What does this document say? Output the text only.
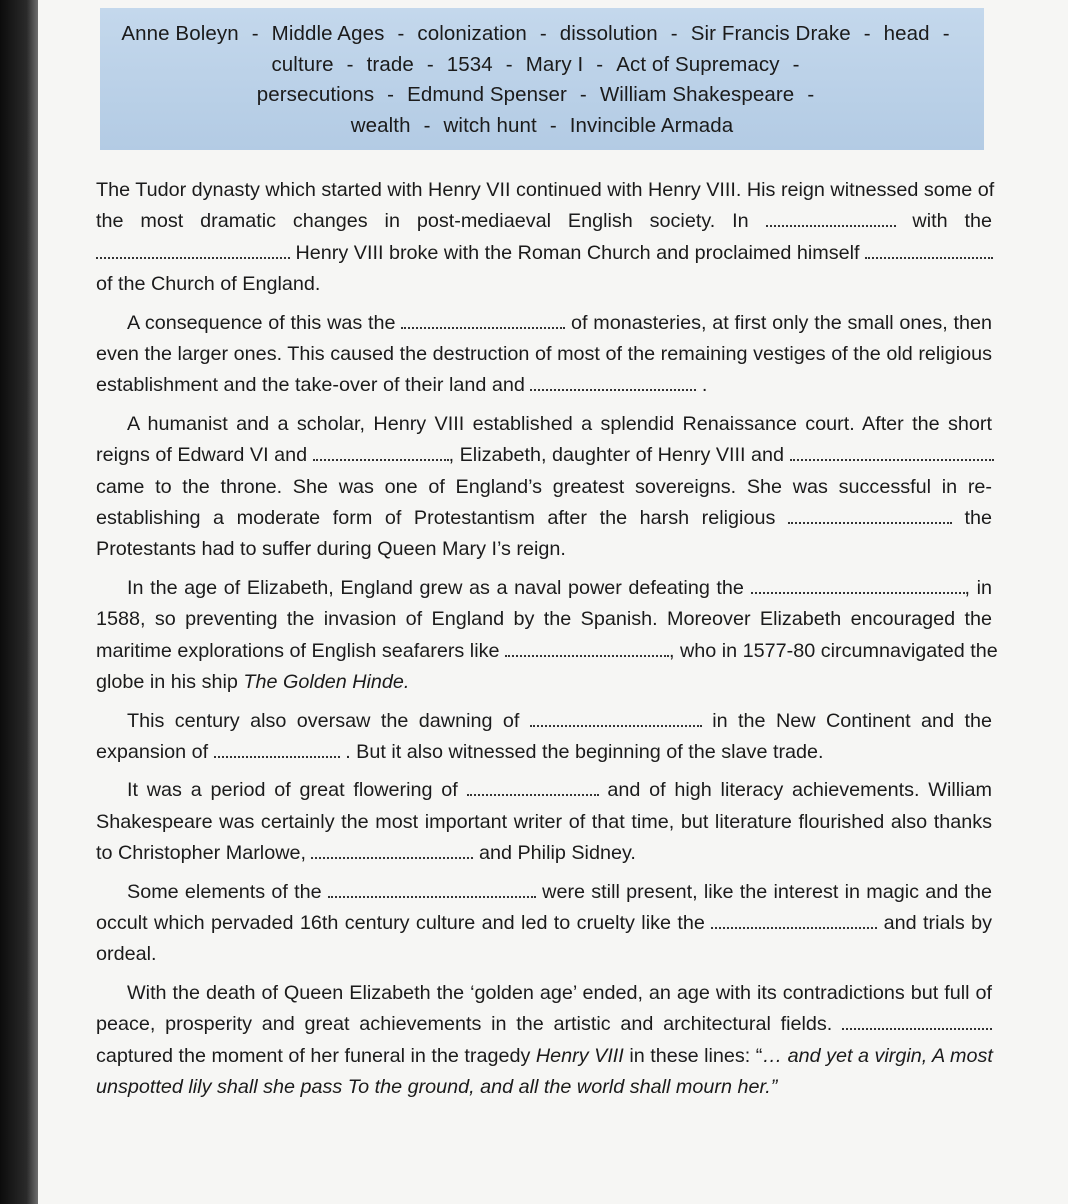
Anne Boleyn - Middle Ages - colonization - dissolution - Sir Francis Drake - head -
culture - trade - 1534 - Mary I - Act of Supremacy -
persecutions - Edmund Spenser - William Shakespeare -
wealth - witch hunt - Invincible Armada
The Tudor dynasty which started with Henry VII continued with Henry VIII. His reign witnessed some of
the most dramatic changes in post-mediaeval English society. In	with the
Henry VIII broke with the Roman Church and proclaimed himself
of the Church of England.
A consequence of this was the	of monasteries, at first only the small ones, then
even the larger ones. This caused the destruction of most of the remaining vestiges of the old religious
establishment and the take-over of their land and	.
A humanist and a scholar, Henry VIII established a splendid Renaissance court. After the short
reigns of Edward VI and	, Elizabeth, daughter of Henry VIII and
came to the throne. She was one of England’s greatest sovereigns. She was successful in re-
establishing a moderate form of Protestantism after the harsh religious	the
Protestants had to suffer during Queen Mary I’s reign.
In the age of Elizabeth, England grew as a naval power defeating the	, in
1588, so preventing the invasion of England by the Spanish. Moreover Elizabeth encouraged the
maritime explorations of English seafarers like	, who in 1577-80 circumnavigated the
globe in his ship The Golden Hinde.
This century also oversaw the dawning of	in the New Continent and the
expansion of	. But it also witnessed the beginning of the slave trade.
It was a period of great flowering of	and of high literacy achievements. William
Shakespeare was certainly the most important writer of that time, but literature flourished also thanks
to Christopher Marlowe,	and Philip Sidney.
Some elements of the	were still present, like the interest in magic and the
occult which pervaded 16th century culture and led to cruelty like the	and trials by
ordeal.
With the death of Queen Elizabeth the ‘golden age’ ended, an age with its contradictions but full of
peace, prosperity and great achievements in the artistic and architectural fields.
captured the moment of her funeral in the tragedy Henry VIII in these lines: “… and yet a virgin, A most
unspotted lily shall she pass To the ground, and all the world shall mourn her.”
